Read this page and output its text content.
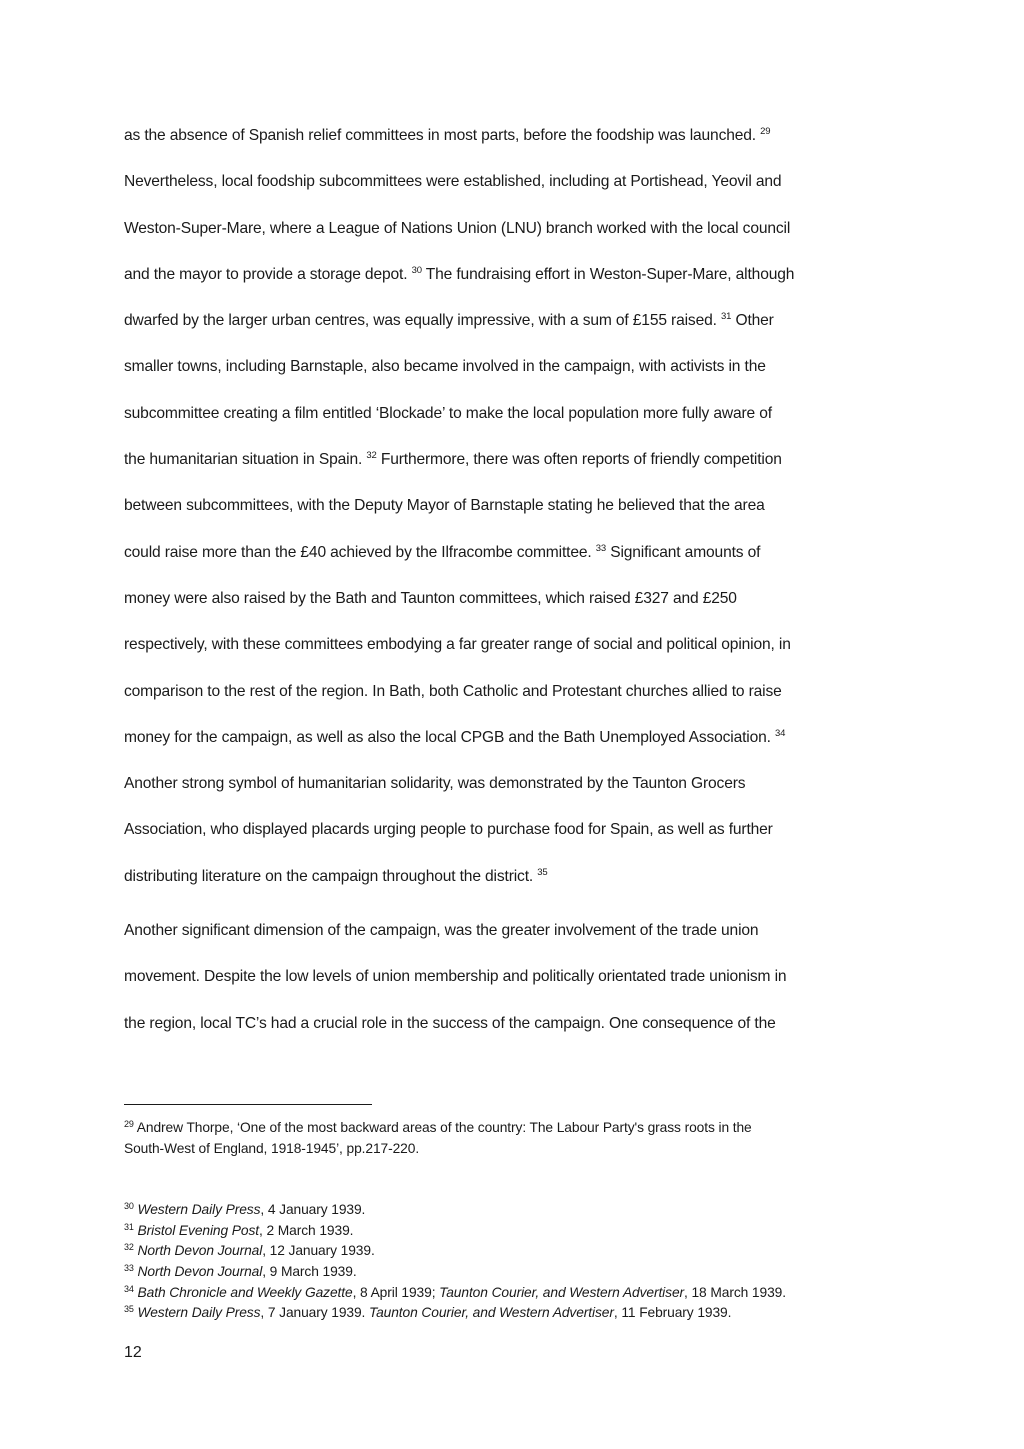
as the absence of Spanish relief committees in most parts, before the foodship was launched. $^{29}$
Nevertheless, local foodship subcommittees were established, including at Portishead, Yeovil and
Weston-Super-Mare, where a League of Nations Union (LNU) branch worked with the local council
and the mayor to provide a storage depot. $^{30}$ The fundraising effort in Weston-Super-Mare, although
dwarfed by the larger urban centres, was equally impressive, with a sum of £155 raised. $^{31}$ Other
smaller towns, including Barnstaple, also became involved in the campaign, with activists in the
subcommittee creating a film entitled ‘Blockade’ to make the local population more fully aware of
the humanitarian situation in Spain. $^{32}$ Furthermore, there was often reports of friendly competition
between subcommittees, with the Deputy Mayor of Barnstaple stating he believed that the area
could raise more than the £40 achieved by the Ilfracombe committee. $^{33}$ Significant amounts of
money were also raised by the Bath and Taunton committees, which raised £327 and £250
respectively, with these committees embodying a far greater range of social and political opinion, in
comparison to the rest of the region. In Bath, both Catholic and Protestant churches allied to raise
money for the campaign, as well as also the local CPGB and the Bath Unemployed Association. $^{34}$
Another strong symbol of humanitarian solidarity, was demonstrated by the Taunton Grocers
Association, who displayed placards urging people to purchase food for Spain, as well as further
distributing literature on the campaign throughout the district. $^{35}$
Another significant dimension of the campaign, was the greater involvement of the trade union
movement. Despite the low levels of union membership and politically orientated trade unionism in
the region, local TC’s had a crucial role in the success of the campaign. One consequence of the
$^{29}$ Andrew Thorpe, ‘One of the most backward areas of the country: The Labour Party's grass roots in the
South-West of England, 1918-1945’, pp.217-220.
$^{30}$ Western Daily Press, 4 January 1939.
$^{31}$ Bristol Evening Post, 2 March 1939.
$^{32}$ North Devon Journal, 12 January 1939.
$^{33}$ North Devon Journal, 9 March 1939.
$^{34}$ Bath Chronicle and Weekly Gazette, 8 April 1939; Taunton Courier, and Western Advertiser, 18 March 1939.
$^{35}$ Western Daily Press, 7 January 1939. Taunton Courier, and Western Advertiser, 11 February 1939.
12
